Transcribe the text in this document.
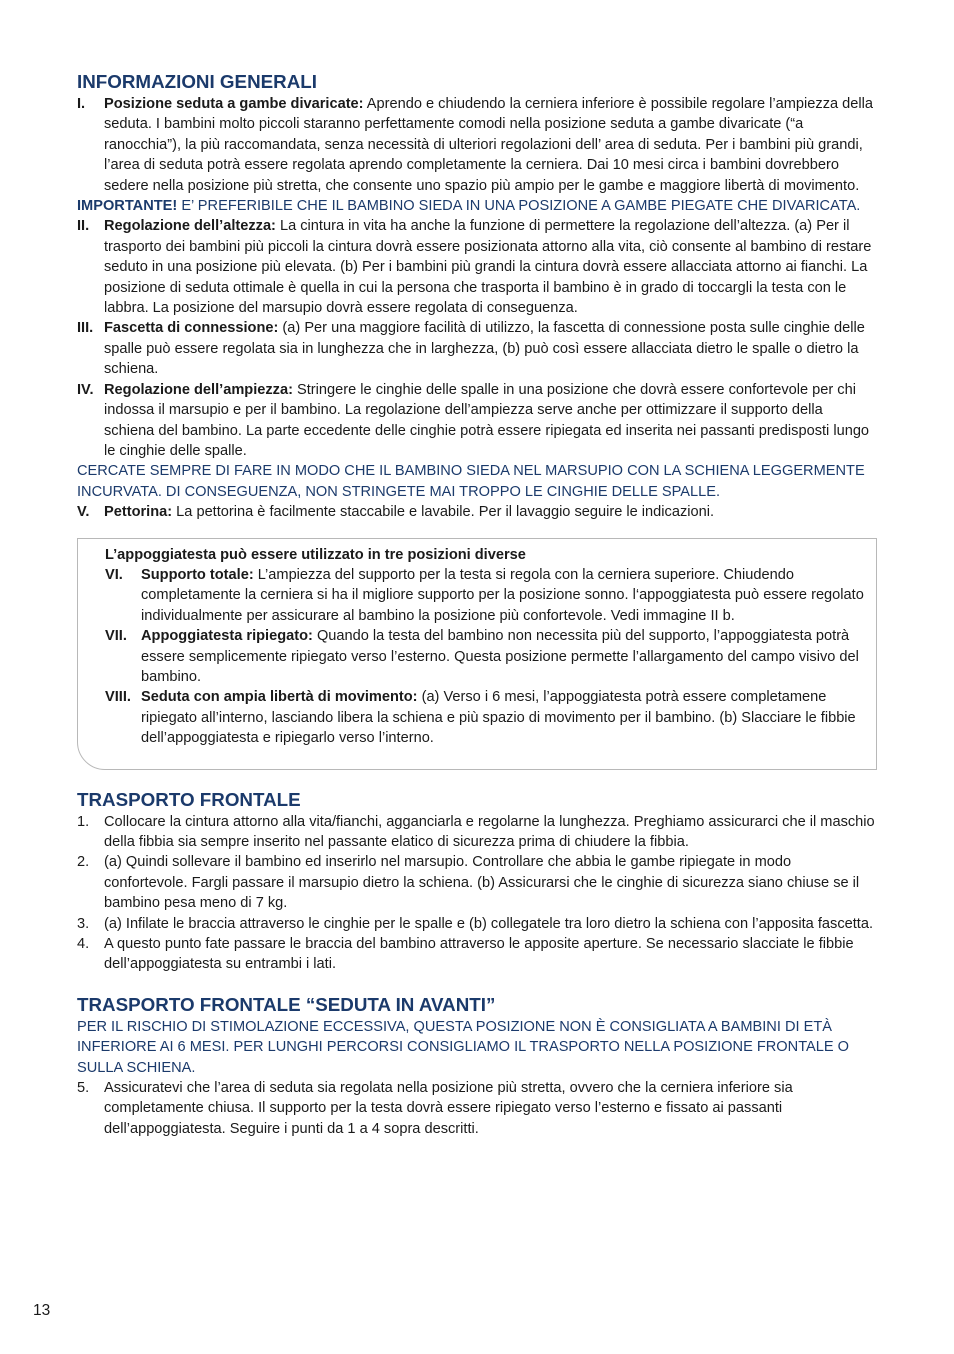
INFORMAZIONI GENERALI
I. Posizione seduta a gambe divaricate: Aprendo e chiudendo la cerniera inferiore è possibile regolare l’ampiezza della seduta. I bambini molto piccoli staranno perfettamente comodi nella posizione seduta a gambe divaricate (“a ranocchia”), la più raccomandata, senza necessità di ulteriori regolazioni dell’ area di seduta. Per i bambini più grandi, l’area di seduta potrà essere regolata aprendo completamente la cerniera. Dai 10 mesi circa i bambini dovrebbero sedere nella posizione più stretta, che consente uno spazio più ampio per le gambe e maggiore libertà di movimento.
IMPORTANTE! E’ PREFERIBILE CHE IL BAMBINO SIEDA IN UNA POSIZIONE A GAMBE PIEGATE CHE DIVARICATA.
II. Regolazione dell’altezza: La cintura in vita ha anche la funzione di permettere la regolazione dell’altezza. (a) Per il trasporto dei bambini più piccoli la cintura dovrà essere posizionata attorno alla vita, ciò consente al bambino di restare seduto in una posizione più elevata. (b) Per i bambini più grandi la cintura dovrà essere allacciata attorno ai fianchi. La posizione di seduta ottimale è quella in cui la persona che trasporta il bambino è in grado di toccargli la testa con le labbra. La posizione del marsupio dovrà essere regolata di conseguenza.
III. Fascetta di connessione: (a) Per una maggiore facilità di utilizzo, la fascetta di connessione posta sulle cinghie delle spalle può essere regolata sia in lunghezza che in larghezza, (b) può così essere allacciata dietro le spalle o dietro la schiena.
IV. Regolazione dell’ampiezza: Stringere le cinghie delle spalle in una posizione che dovrà essere confortevole per chi indossa il marsupio e per il bambino. La regolazione dell’ampiezza serve anche per ottimizzare il supporto della schiena del bambino. La parte eccedente delle cinghie potrà essere ripiegata ed inserita nei passanti predisposti lungo le cinghie delle spalle.
CERCATE SEMPRE DI FARE IN MODO CHE IL BAMBINO SIEDA NEL MARSUPIO CON LA SCHIENA LEGGERMENTE INCURVATA. DI CONSEGUENZA, NON STRINGETE MAI TROPPO LE CINGHIE DELLE SPALLE.
V. Pettorina: La pettorina è facilmente staccabile e lavabile. Per il lavaggio seguire le indicazioni.
L’appoggiatesta può essere utilizzato in tre posizioni diverse
VI. Supporto totale: L’ampiezza del supporto per la testa si regola con la cerniera superiore. Chiudendo completamente la cerniera si ha il migliore supporto per la posizione sonno. l‘appoggiatesta può essere regolato individualmente per assicurare al bambino la posizione più confortevole. Vedi immagine II b.
VII. Appoggiatesta ripiegato: Quando la testa del bambino non necessita più del supporto, l’appoggiatesta potrà essere semplicemente ripiegato verso l’esterno. Questa posizione permette l’allargamento del campo visivo del bambino.
VIII. Seduta con ampia libertà di movimento: (a) Verso i 6 mesi, l’appoggiatesta potrà essere completamene ripiegato all’interno, lasciando libera la schiena e più spazio di movimento per il bambino. (b) Slacciare le fibbie dell’appoggiatesta e ripiegarlo verso l’interno.
TRASPORTO FRONTALE
1. Collocare la cintura attorno alla vita/fianchi, agganciarla e regolarne la lunghezza. Preghiamo assicurarci che il maschio della fibbia sia sempre inserito nel passante elatico di sicurezza prima di chiudere la fibbia.
2. (a) Quindi sollevare il bambino ed inserirlo nel marsupio. Controllare che abbia le gambe ripiegate in modo confortevole. Fargli passare il marsupio dietro la schiena. (b) Assicurarsi che le cinghie di sicurezza siano chiuse se il bambino pesa meno di 7 kg.
3. (a) Infilate le braccia attraverso le cinghie per le spalle e (b) collegatele tra loro dietro la schiena con l’apposita fascetta.
4. A questo punto fate passare le braccia del bambino attraverso le apposite aperture. Se necessario slacciate le fibbie dell’appoggiatesta su entrambi i lati.
TRASPORTO FRONTALE “SEDUTA IN AVANTI”
PER IL RISCHIO DI STIMOLAZIONE ECCESSIVA, QUESTA POSIZIONE NON È CONSIGLIATA A BAMBINI DI ETÀ INFERIORE AI 6 MESI. PER LUNGHI PERCORSI CONSIGLIAMO IL TRASPORTO NELLA POSIZIONE FRONTALE O SULLA SCHIENA.
5. Assicuratevi che l’area di seduta sia regolata nella posizione più stretta, ovvero che la cerniera inferiore sia completamente chiusa. Il supporto per la testa dovrà essere ripiegato verso l’esterno e fissato ai passanti dell’appoggiatesta. Seguire i punti da 1 a 4 sopra descritti.
13
